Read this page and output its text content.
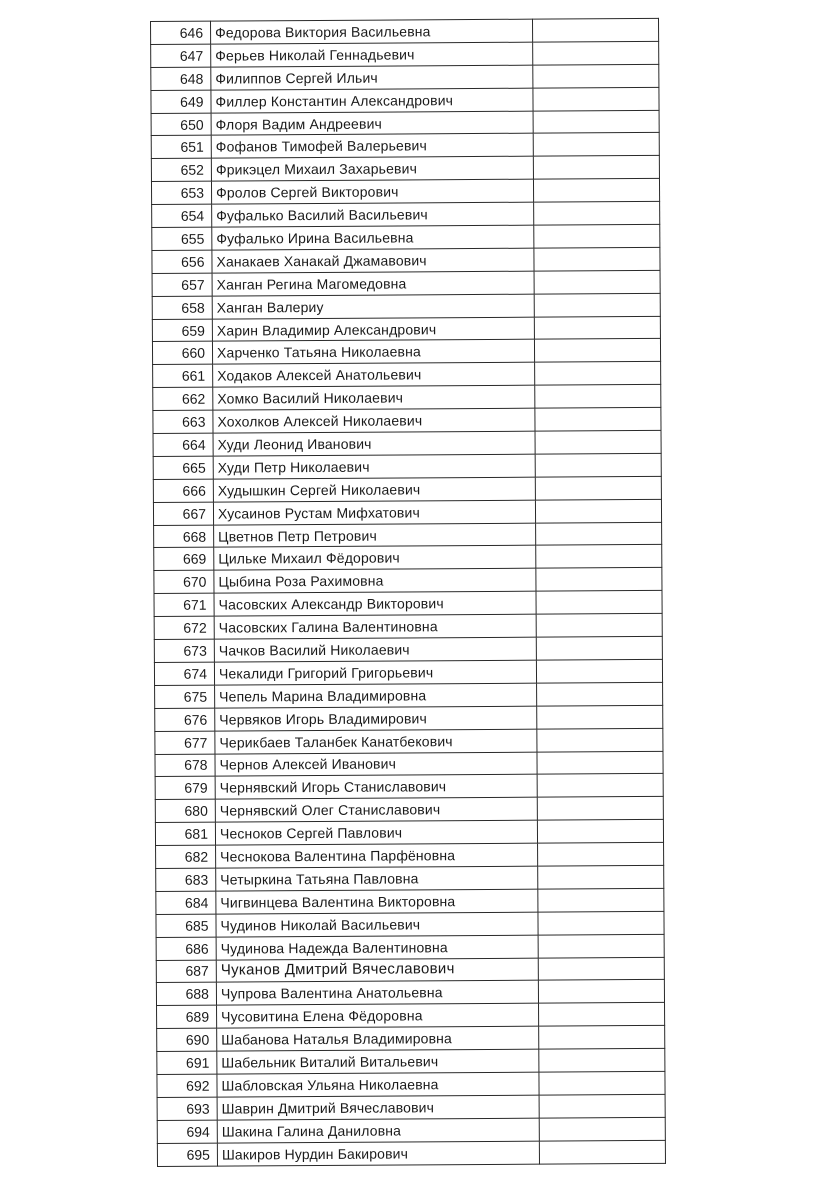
646	Федорова Виктория Васильевна	
647	Ферьев Николай Геннадьевич	
648	Филиппов Сергей Ильич	
649	Филлер Константин Александрович	
650	Флоря Вадим Андреевич	
651	Фофанов Тимофей Валерьевич	
652	Фрикэцел Михаил Захарьевич	
653	Фролов Сергей Викторович	
654	Фуфалько Василий Васильевич	
655	Фуфалько Ирина Васильевна	
656	Ханакаев Ханакай Джамавович	
657	Ханган Регина Магомедовна	
658	Ханган Валериу	
659	Харин Владимир Александрович	
660	Харченко Татьяна Николаевна	
661	Ходаков Алексей Анатольевич	
662	Хомко Василий Николаевич	
663	Хохолков Алексей Николаевич	
664	Худи Леонид Иванович	
665	Худи Петр Николаевич	
666	Худышкин Сергей Николаевич	
667	Хусаинов Рустам Мифхатович	
668	Цветнов Петр Петрович	
669	Цильке Михаил Фёдорович	
670	Цыбина Роза Рахимовна	
671	Часовских Александр Викторович	
672	Часовских Галина Валентиновна	
673	Чачков Василий Николаевич	
674	Чекалиди Григорий Григорьевич	
675	Чепель Марина Владимировна	
676	Червяков Игорь Владимирович	
677	Черикбаев Таланбек Канатбекович	
678	Чернов Алексей Иванович	
679	Чернявский Игорь Станиславович	
680	Чернявский Олег Станиславович	
681	Чесноков Сергей Павлович	
682	Чеснокова Валентина Парфёновна	
683	Четыркина Татьяна Павловна	
684	Чигвинцева Валентина Викторовна	
685	Чудинов Николай Васильевич	
686	Чудинова Надежда Валентиновна	
687	Чуканов Дмитрий Вячеславович	
688	Чупрова Валентина Анатольевна	
689	Чусовитина Елена Фёдоровна	
690	Шабанова Наталья Владимировна	
691	Шабельник Виталий Витальевич	
692	Шабловская Ульяна Николаевна	
693	Шаврин Дмитрий Вячеславович	
694	Шакина Галина Даниловна	
695	Шакиров Нурдин Бакирович	
